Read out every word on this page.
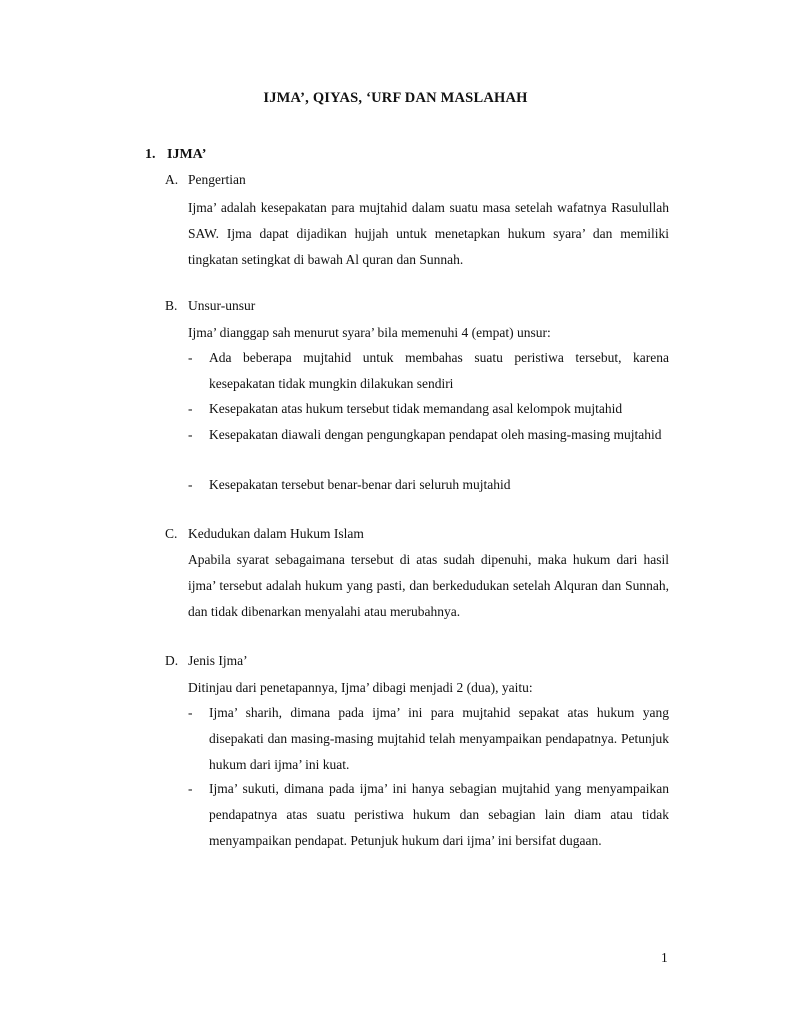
IJMA’, QIYAS, ‘URF DAN MASLAHAH
1. IJMA’
A. Pengertian
Ijma’ adalah kesepakatan para mujtahid dalam suatu masa setelah wafatnya Rasulullah SAW. Ijma dapat dijadikan hujjah untuk menetapkan hukum syara’ dan memiliki tingkatan setingkat di bawah Al quran dan Sunnah.
B. Unsur-unsur
Ijma’ dianggap sah menurut syara’ bila memenuhi 4 (empat) unsur:
- Ada beberapa mujtahid untuk membahas suatu peristiwa tersebut, karena kesepakatan tidak mungkin dilakukan sendiri
- Kesepakatan atas hukum tersebut tidak memandang asal kelompok mujtahid
- Kesepakatan diawali dengan pengungkapan pendapat oleh masing-masing mujtahid
- Kesepakatan tersebut benar-benar dari seluruh mujtahid
C. Kedudukan dalam Hukum Islam
Apabila syarat sebagaimana tersebut di atas sudah dipenuhi, maka hukum dari hasil ijma’ tersebut adalah hukum yang pasti, dan berkedudukan setelah Alquran dan Sunnah, dan tidak dibenarkan menyalahi atau merubahnya.
D. Jenis Ijma’
Ditinjau dari penetapannya, Ijma’ dibagi menjadi 2 (dua), yaitu:
- Ijma’ sharih, dimana pada ijma’ ini para mujtahid sepakat atas hukum yang disepakati dan masing-masing mujtahid telah menyampaikan pendapatnya. Petunjuk hukum dari ijma’ ini kuat.
- Ijma’ sukuti, dimana pada ijma’ ini hanya sebagian mujtahid yang menyampaikan pendapatnya atas suatu peristiwa hukum dan sebagian lain diam atau tidak menyampaikan pendapat. Petunjuk hukum dari ijma’ ini bersifat dugaan.
1
